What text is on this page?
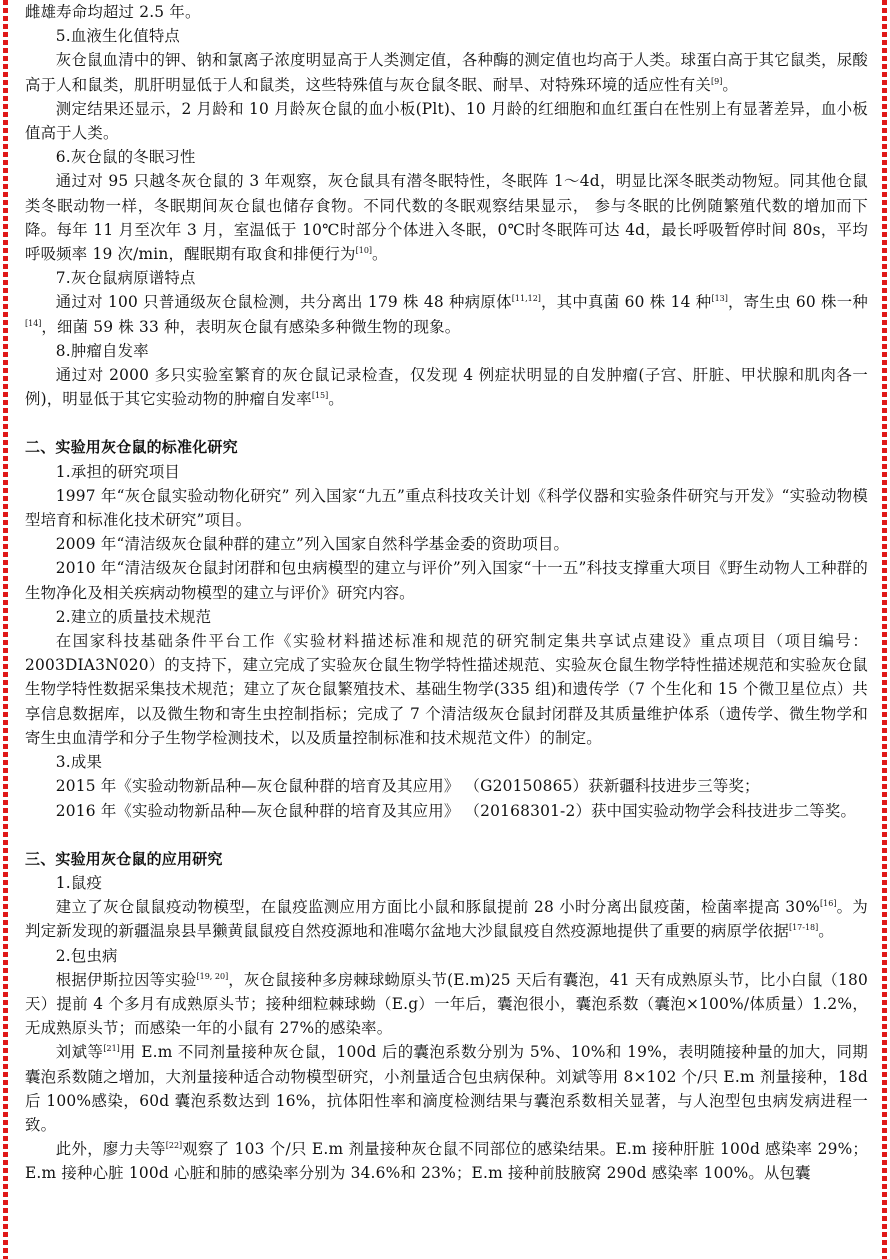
雌雄寿命均超过 2.5 年。

5.血液生化值特点

灰仓鼠血清中的钾、钠和氯离子浓度明显高于人类测定值，各种酶的测定值也均高于人类。球蛋白高于其它鼠类，尿酸高于人和鼠类，肌肝明显低于人和鼠类，这些特殊值与灰仓鼠冬眠、耐旱、对特殊环境的适应性有关[9]。

测定结果还显示，2 月龄和 10 月龄灰仓鼠的血小板(Plt)、10 月龄的红细胞和血红蛋白在性别上有显著差异，血小板值高于人类。

6.灰仓鼠的冬眠习性

通过对 95 只越冬灰仓鼠的 3 年观察，灰仓鼠具有潜冬眠特性，冬眠阵 1～4d，明显比深冬眠类动物短。同其他仓鼠类冬眠动物一样，冬眠期间灰仓鼠也储存食物。不同代数的冬眠观察结果显示， 参与冬眠的比例随繁殖代数的增加而下降。每年 11 月至次年 3 月，室温低于 10℃时部分个体进入冬眠，0℃时冬眠阵可达 4d，最长呼吸暂停时间 80s，平均呼吸频率 19 次/min，醒眠期有取食和排便行为[10]。

7.灰仓鼠病原谱特点

通过对 100 只普通级灰仓鼠检测，共分离出 179 株 48 种病原体[11,12]，其中真菌 60 株 14 种[13]，寄生虫 60 株一种[14]，细菌 59 株 33 种，表明灰仓鼠有感染多种微生物的现象。

8.肿瘤自发率

通过对 2000 多只实验室繁育的灰仓鼠记录检查，仅发现 4 例症状明显的自发肿瘤(子宫、肝脏、甲状腺和肌肉各一例)，明显低于其它实验动物的肿瘤自发率[15]。

二、实验用灰仓鼠的标准化研究

1.承担的研究项目

1997 年“灰仓鼠实验动物化研究” 列入国家“九五”重点科技攻关计划《科学仪器和实验条件研究与开发》“实验动物模型培育和标准化技术研究”项目。

2009 年“清洁级灰仓鼠种群的建立”列入国家自然科学基金委的资助项目。

2010 年“清洁级灰仓鼠封闭群和包虫病模型的建立与评价”列入国家“十一五”科技支撑重大项目《野生动物人工种群的生物净化及相关疾病动物模型的建立与评价》研究内容。

2.建立的质量技术规范

在国家科技基础条件平台工作《实验材料描述标准和规范的研究制定集共享试点建设》重点项目（项目编号：2003DIA3N020）的支持下，建立完成了实验灰仓鼠生物学特性描述规范、实验灰仓鼠生物学特性描述规范和实验灰仓鼠生物学特性数据采集技术规范；建立了灰仓鼠繁殖技术、基础生物学(335 组)和遗传学（7 个生化和 15 个微卫星位点）共享信息数据库，以及微生物和寄生虫控制指标；完成了 7 个清洁级灰仓鼠封闭群及其质量维护体系（遗传学、微生物学和寄生虫血清学和分子生物学检测技术，以及质量控制标准和技术规范文件）的制定。

3.成果

2015 年《实验动物新品种—灰仓鼠种群的培育及其应用》 （G20150865）获新疆科技进步三等奖；

2016 年《实验动物新品种—灰仓鼠种群的培育及其应用》 （20168301-2）获中国实验动物学会科技进步二等奖。

三、实验用灰仓鼠的应用研究

1.鼠疫

建立了灰仓鼠鼠疫动物模型，在鼠疫监测应用方面比小鼠和豚鼠提前 28 小时分离出鼠疫菌，检菌率提高 30%[16]。为判定新发现的新疆温泉县旱獭黄鼠鼠疫自然疫源地和准噶尔盆地大沙鼠鼠疫自然疫源地提供了重要的病原学依据[17-18]。

2.包虫病

根据伊斯拉因等实验[19, 20]，灰仓鼠接种多房棘球蚴原头节(E.m)25 天后有囊泡，41 天有成熟原头节，比小白鼠（180 天）提前 4 个多月有成熟原头节；接种细粒棘球蚴（E.g）一年后，囊泡很小，囊泡系数（囊泡×100%/体质量）1.2%，无成熟原头节；而感染一年的小鼠有 27%的感染率。

刘斌等[21]用 E.m 不同剂量接种灰仓鼠，100d 后的囊泡系数分别为 5%、10%和 19%，表明随接种量的加大，同期囊泡系数随之增加，大剂量接种适合动物模型研究，小剂量适合包虫病保种。刘斌等用 8×102 个/只 E.m 剂量接种，18d 后 100%感染，60d 囊泡系数达到 16%，抗体阳性率和滴度检测结果与囊泡系数相关显著，与人泡型包虫病发病进程一致。

此外，廖力夫等[22]观察了 103 个/只 E.m 剂量接种灰仓鼠不同部位的感染结果。E.m 接种肝脏 100d 感染率 29%；E.m 接种心脏 100d 心脏和肺的感染率分别为 34.6%和 23%；E.m 接种前肢腋窝 290d 感染率 100%。从包囊
